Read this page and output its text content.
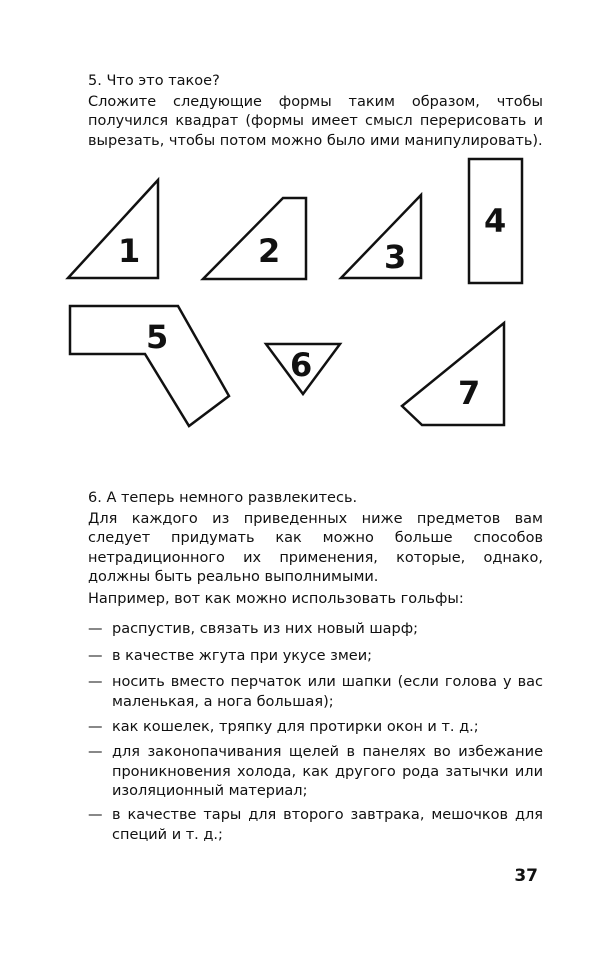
5. Что это такое?
Сложите следующие формы таким образом, чтобы получился квадрат (формы имеет смысл перерисовать и вырезать, чтобы потом можно было ими манипулировать).
1	2	3
4
5
6
7
6. А теперь немного развлекитесь.
Для каждого из приведенных ниже предметов вам следует придумать как можно больше способов нетрадиционного их применения, которые, однако, должны быть реально выполнимыми.
Например, вот как можно использовать гольфы:
— распустив, связать из них новый шарф;
— в качестве жгута при укусе змеи;
— носить вместо перчаток или шапки (если голова у вас маленькая, а нога большая);
— как кошелек, тряпку для протирки окон и т. д.;
— для законопачивания щелей в панелях во избежание проникновения холода, как другого рода затычки или изоляционный материал;
— в качестве тары для второго завтрака, мешочков для специй и т. д.;
37
